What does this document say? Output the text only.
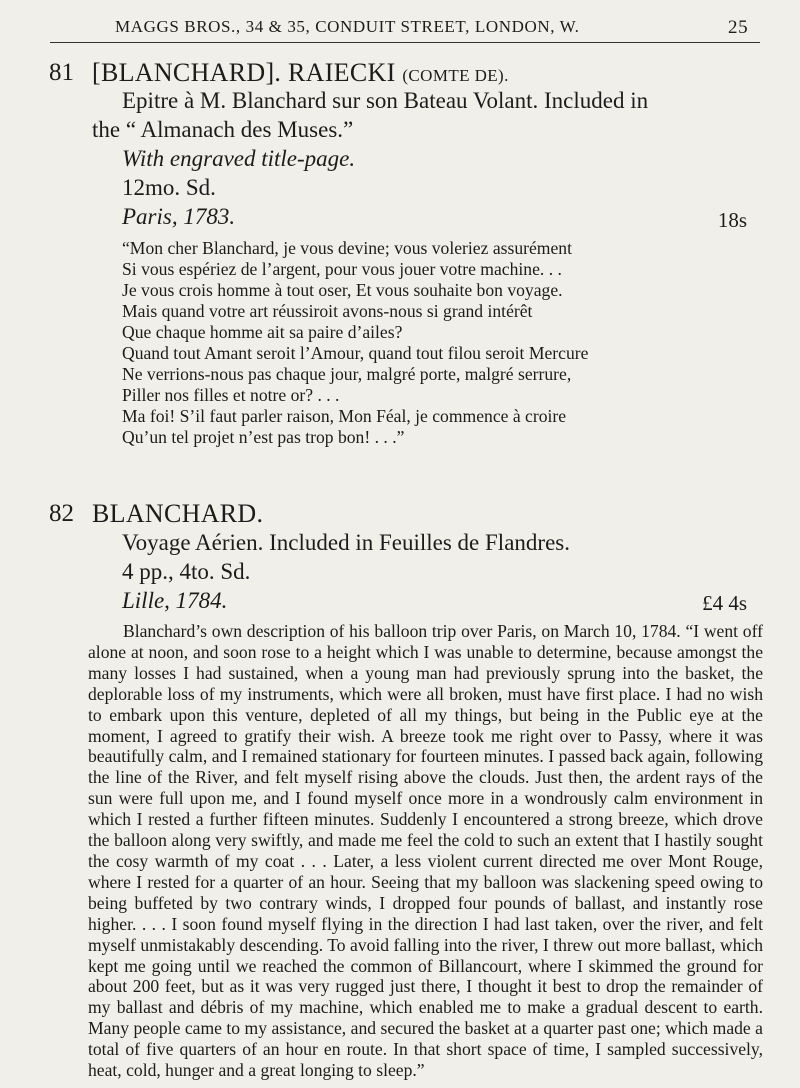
MAGGS BROS., 34 & 35, CONDUIT STREET, LONDON, W.	25
81 [BLANCHARD]. RAIECKI (COMTE DE).
Epitre à M. Blanchard sur son Bateau Volant. Included in
the “ Almanach des Muses.”
With engraved title-page.
12mo. Sd.
Paris, 1783.	18s
“Mon cher Blanchard, je vous devine; vous voleriez assurément
Si vous espériez de l’argent, pour vous jouer votre machine. . .
Je vous crois homme à tout oser, Et vous souhaite bon voyage.
Mais quand votre art réussiroit avons-nous si grand intérêt
Que chaque homme ait sa paire d’ailes?
Quand tout Amant seroit l’Amour, quand tout filou seroit Mercure
Ne verrions-nous pas chaque jour, malgré porte, malgré serrure,
Piller nos filles et notre or? . . .
Ma foi! S’il faut parler raison, Mon Féal, je commence à croire
Qu’un tel projet n’est pas trop bon! . . .”
82 BLANCHARD.
Voyage Aérien. Included in Feuilles de Flandres.
4 pp., 4to. Sd.
Lille, 1784.	£4 4s

Blanchard’s own description of his balloon trip over Paris, on March 10, 1784. “I went off alone at noon, and soon rose to a height which I was unable to determine, because amongst the many losses I had sustained, when a young man had previously sprung into the basket, the deplorable loss of my instruments, which were all broken, must have first place. I had no wish to embark upon this venture, depleted of all my things, but being in the Public eye at the moment, I agreed to gratify their wish. A breeze took me right over to Passy, where it was beautifully calm, and I remained stationary for fourteen minutes. I passed back again, following the line of the River, and felt myself rising above the clouds. Just then, the ardent rays of the sun were full upon me, and I found myself once more in a wondrously calm environment in which I rested a further fifteen minutes. Suddenly I encountered a strong breeze, which drove the balloon along very swiftly, and made me feel the cold to such an extent that I hastily sought the cosy warmth of my coat . . . Later, a less violent current directed me over Mont Rouge, where I rested for a quarter of an hour. Seeing that my balloon was slackening speed owing to being buffeted by two contrary winds, I dropped four pounds of ballast, and instantly rose higher. . . . I soon found myself flying in the direction I had last taken, over the river, and felt myself unmistakably descending. To avoid falling into the river, I threw out more ballast, which kept me going until we reached the common of Billancourt, where I skimmed the ground for about 200 feet, but as it was very rugged just there, I thought it best to drop the remainder of my ballast and débris of my machine, which enabled me to make a gradual descent to earth. Many people came to my assistance, and secured the basket at a quarter past one; which made a total of five quarters of an hour en route. In that short space of time, I sampled successively, heat, cold, hunger and a great longing to sleep.”
